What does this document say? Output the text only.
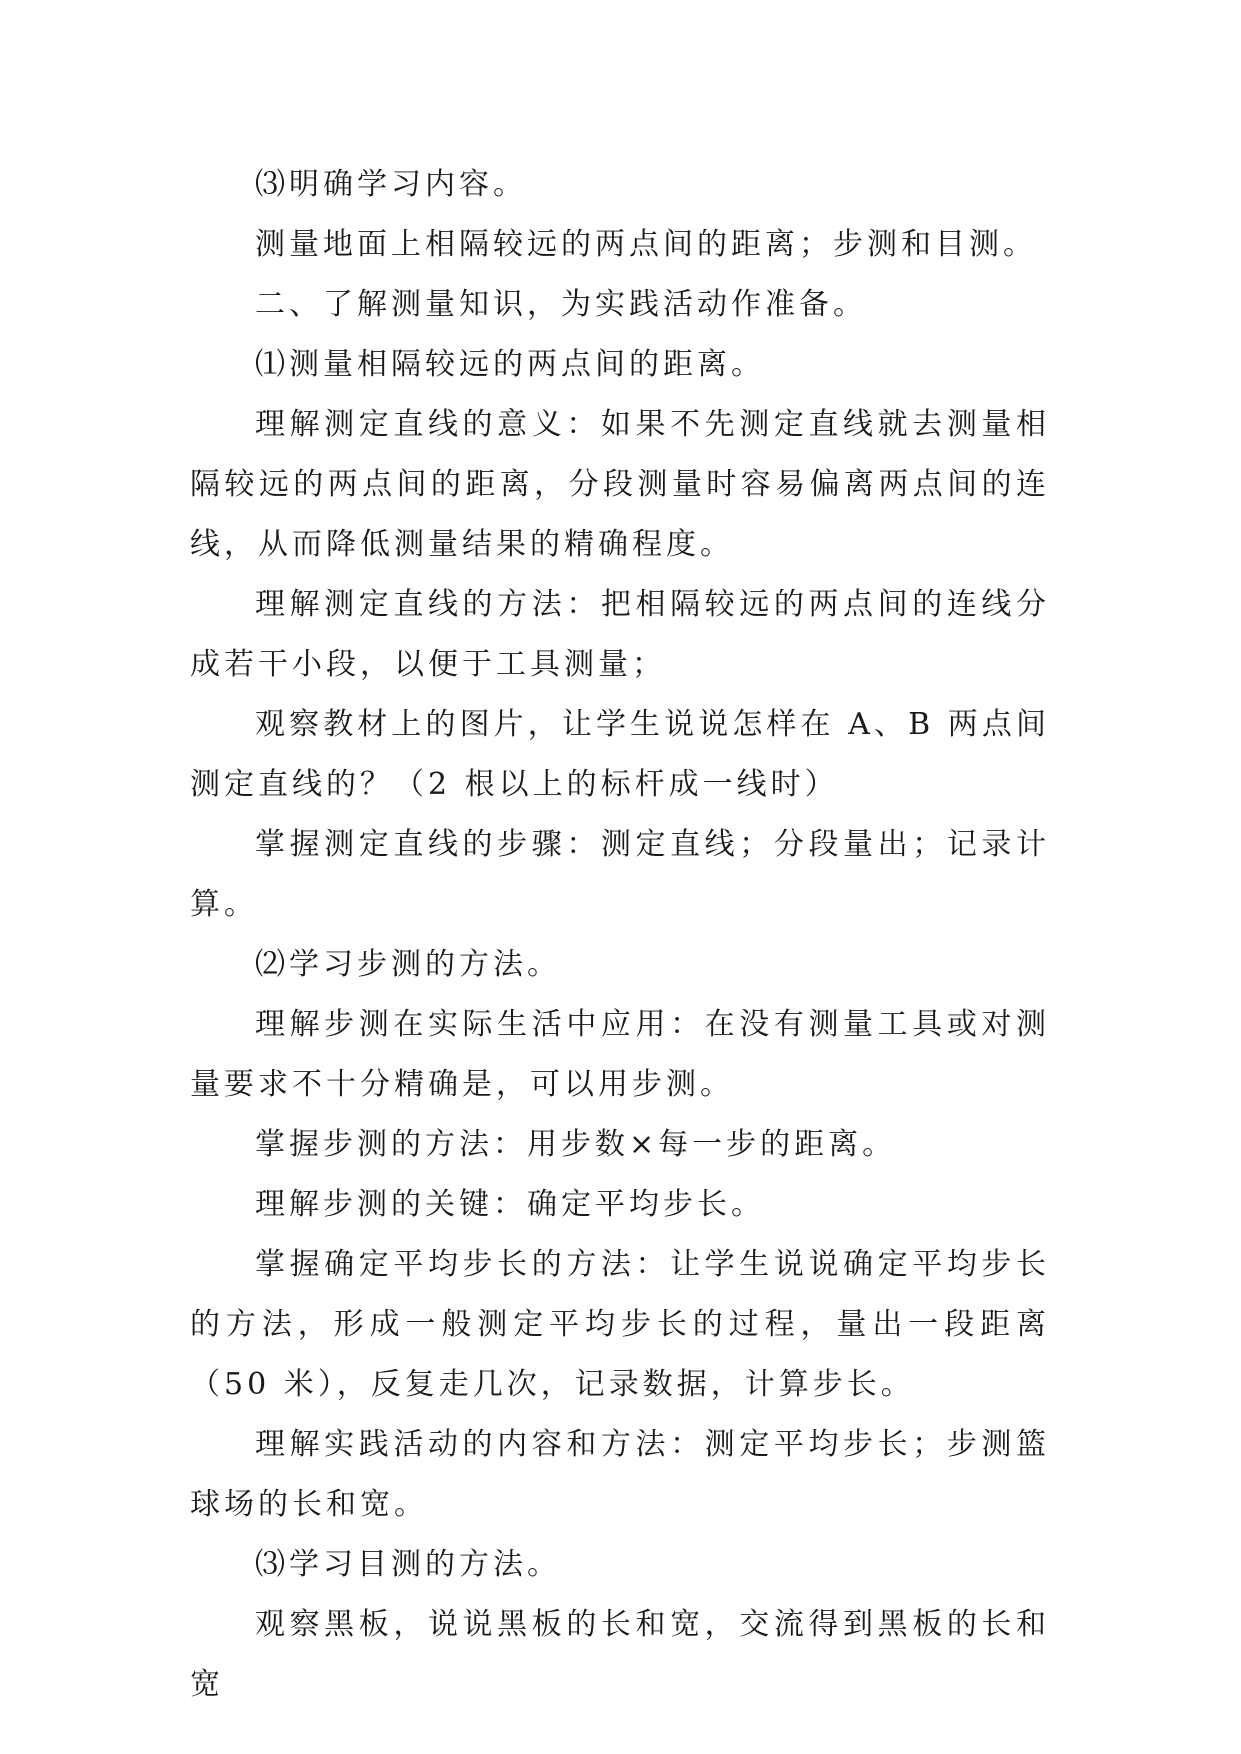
⑶明确学习内容。

测量地面上相隔较远的两点间的距离；步测和目测。

二、了解测量知识，为实践活动作准备。

⑴测量相隔较远的两点间的距离。

理解测定直线的意义：如果不先测定直线就去测量相隔较远的两点间的距离，分段测量时容易偏离两点间的连线，从而降低测量结果的精确程度。

理解测定直线的方法：把相隔较远的两点间的连线分成若干小段，以便于工具测量；

观察教材上的图片，让学生说说怎样在 A、B 两点间测定直线的？（2 根以上的标杆成一线时）

掌握测定直线的步骤：测定直线；分段量出；记录计算。

⑵学习步测的方法。

理解步测在实际生活中应用：在没有测量工具或对测量要求不十分精确是，可以用步测。

掌握步测的方法：用步数×每一步的距离。

理解步测的关键：确定平均步长。

掌握确定平均步长的方法：让学生说说确定平均步长的方法，形成一般测定平均步长的过程，量出一段距离（50 米），反复走几次，记录数据，计算步长。

理解实践活动的内容和方法：测定平均步长；步测篮球场的长和宽。

⑶学习目测的方法。

观察黑板，说说黑板的长和宽，交流得到黑板的长和宽
